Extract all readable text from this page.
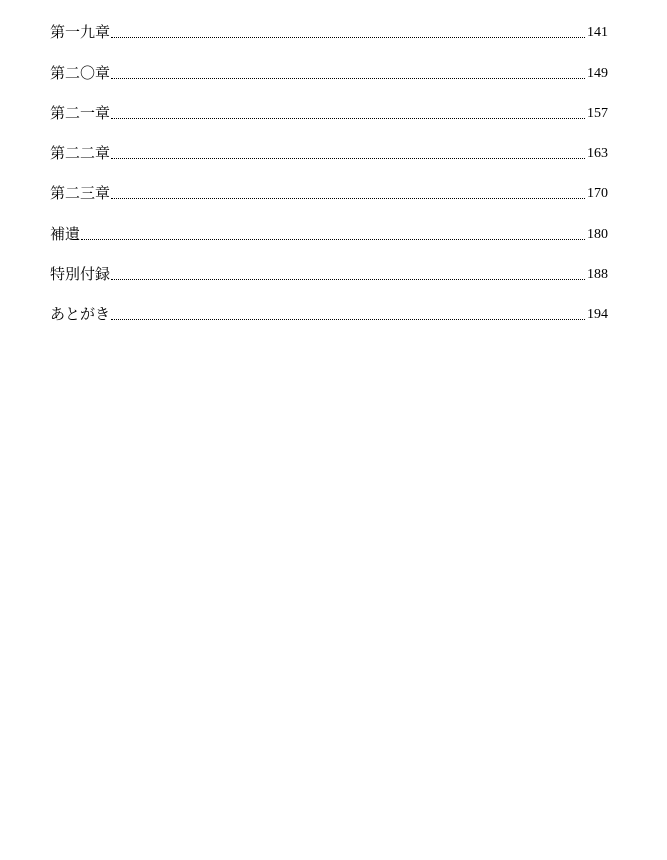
第一九章	141
第二〇章	149
第二一章	157
第二二章	163
第二三章	170
補遺	180
特別付録	188
あとがき	194
